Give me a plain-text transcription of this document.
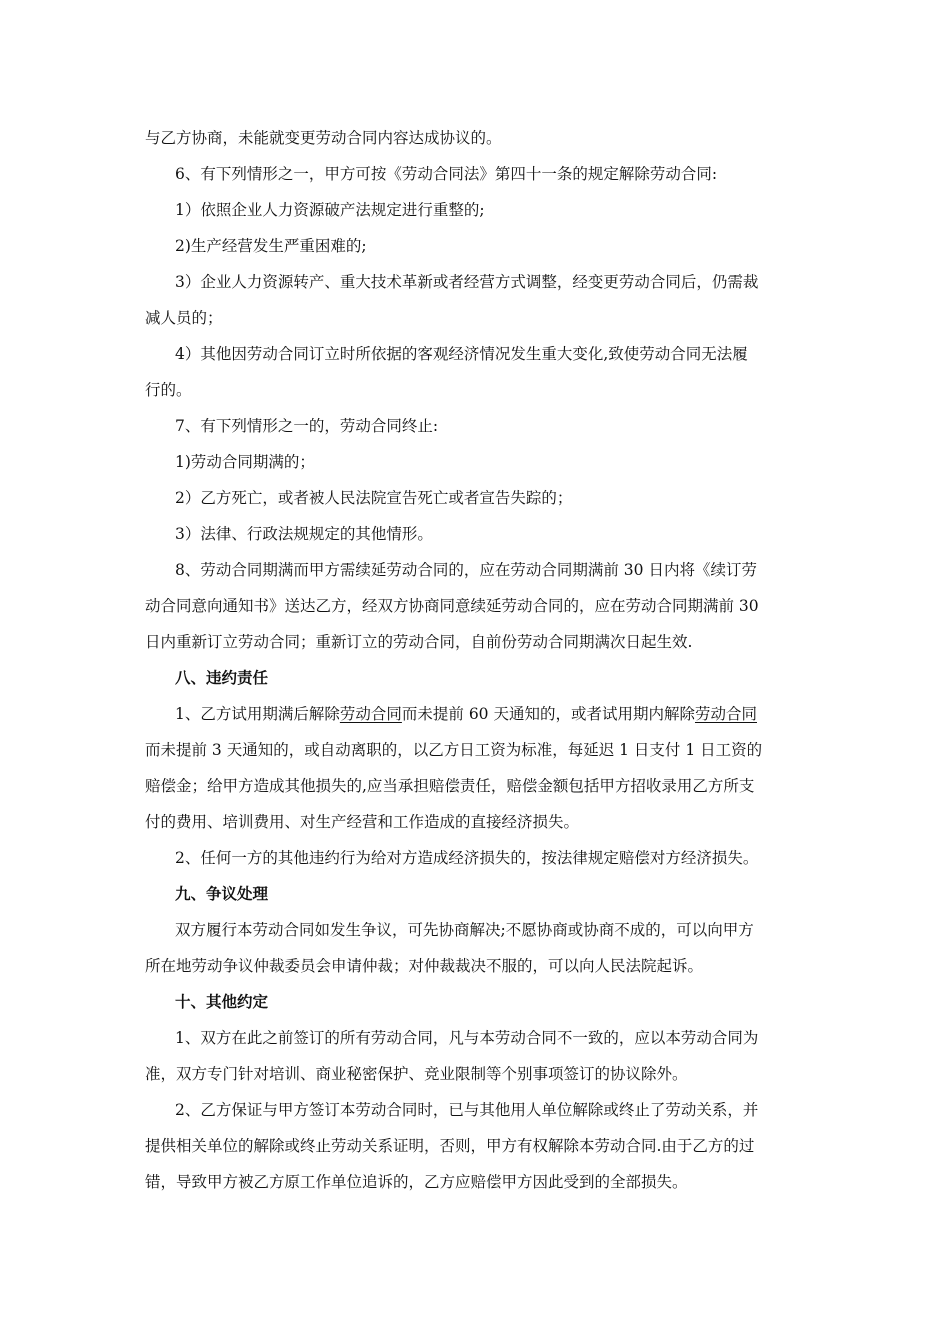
与乙方协商，未能就变更劳动合同内容达成协议的。
6、有下列情形之一，甲方可按《劳动合同法》第四十一条的规定解除劳动合同:
1）依照企业人力资源破产法规定进行重整的;
2)生产经营发生严重困难的;
3）企业人力资源转产、重大技术革新或者经营方式调整，经变更劳动合同后，仍需裁
减人员的；
4）其他因劳动合同订立时所依据的客观经济情况发生重大变化,致使劳动合同无法履
行的。
7、有下列情形之一的，劳动合同终止:
1)劳动合同期满的；
2）乙方死亡，或者被人民法院宣告死亡或者宣告失踪的；
3）法律、行政法规规定的其他情形。
8、劳动合同期满而甲方需续延劳动合同的，应在劳动合同期满前 30 日内将《续订劳
动合同意向通知书》送达乙方，经双方协商同意续延劳动合同的，应在劳动合同期满前 30
日内重新订立劳动合同；重新订立的劳动合同，自前份劳动合同期满次日起生效.
八、违约责任
1、乙方试用期满后解除劳动合同而未提前 60 天通知的，或者试用期内解除劳动合同
而未提前 3 天通知的，或自动离职的，以乙方日工资为标准，每延迟 1 日支付 1 日工资的
赔偿金；给甲方造成其他损失的,应当承担赔偿责任，赔偿金额包括甲方招收录用乙方所支
付的费用、培训费用、对生产经营和工作造成的直接经济损失。
2、任何一方的其他违约行为给对方造成经济损失的，按法律规定赔偿对方经济损失。
九、争议处理
双方履行本劳动合同如发生争议，可先协商解决;不愿协商或协商不成的，可以向甲方
所在地劳动争议仲裁委员会申请仲裁；对仲裁裁决不服的，可以向人民法院起诉。
十、其他约定
1、双方在此之前签订的所有劳动合同，凡与本劳动合同不一致的，应以本劳动合同为
准，双方专门针对培训、商业秘密保护、竞业限制等个别事项签订的协议除外。
2、乙方保证与甲方签订本劳动合同时，已与其他用人单位解除或终止了劳动关系，并
提供相关单位的解除或终止劳动关系证明，否则，甲方有权解除本劳动合同.由于乙方的过
错，导致甲方被乙方原工作单位追诉的，乙方应赔偿甲方因此受到的全部损失。
